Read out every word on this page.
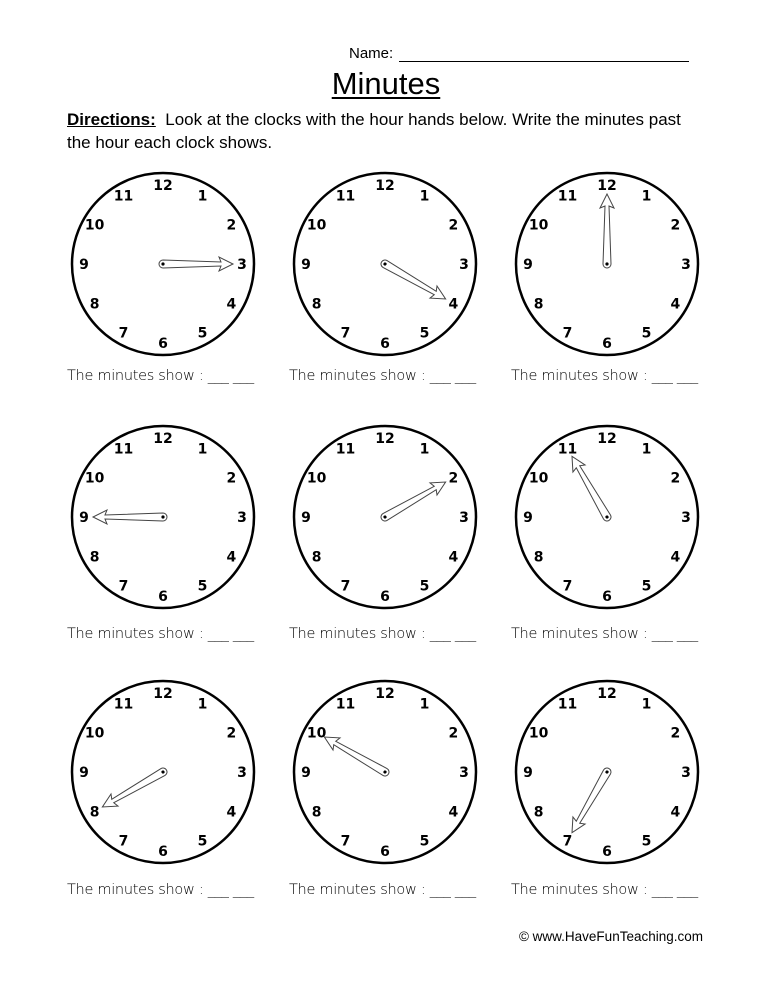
Name:
Minutes
Directions: Look at the clocks with the hour hands below. Write the minutes past the hour each clock shows.
12
1
2
3
4
5
6
7
8
9
10
11
The minutes show : ___ ___
12
1
2
3
4
5
6
7
8
9
10
11
The minutes show : ___ ___
12
1
2
3
4
5
6
7
8
9
10
11
The minutes show : ___ ___
12
1
2
3
4
5
6
7
8
9
10
11
The minutes show : ___ ___
12
1
2
3
4
5
6
7
8
9
10
11
The minutes show : ___ ___
12
1
2
3
4
5
6
7
8
9
10
11
The minutes show : ___ ___
12
1
2
3
4
5
6
7
8
9
10
11
The minutes show : ___ ___
12
1
2
3
4
5
6
7
8
9
10
11
The minutes show : ___ ___
12
1
2
3
4
5
6
7
8
9
10
11
The minutes show : ___ ___
© www.HaveFunTeaching.com
